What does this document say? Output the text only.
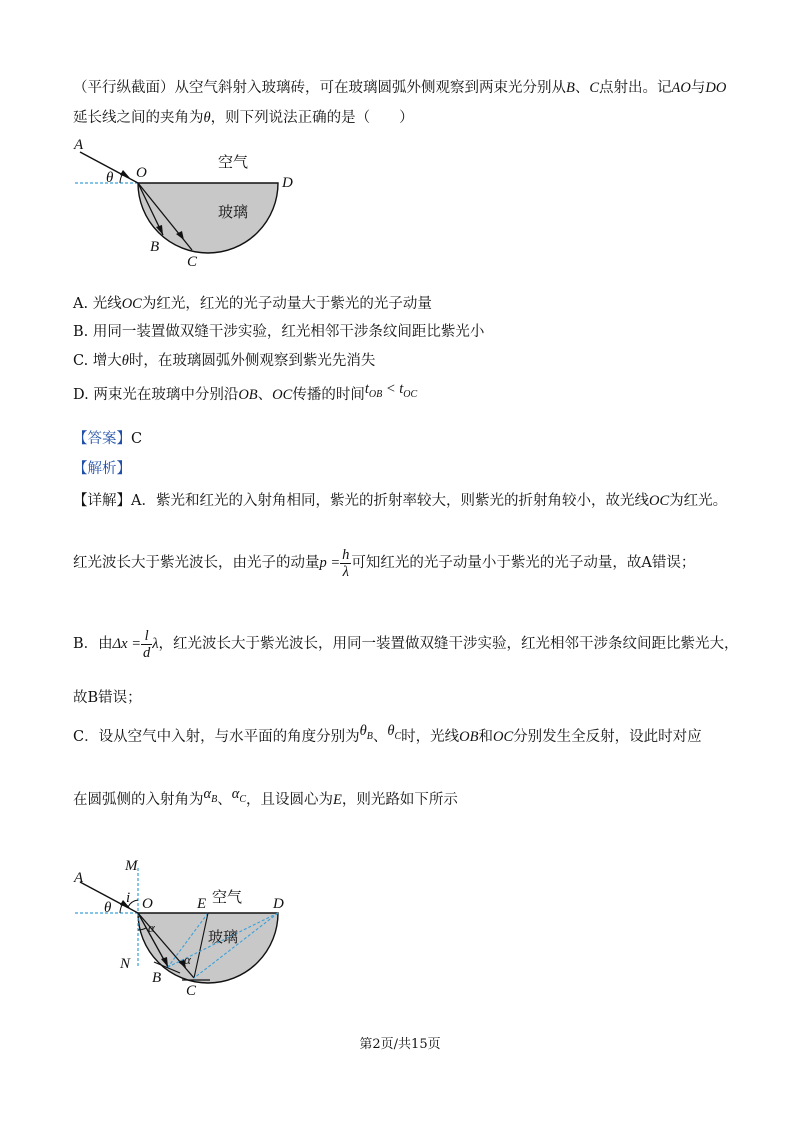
（平行纵截面）从空气斜射入玻璃砖，可在玻璃圆弧外侧观察到两束光分别从B、C点射出。记AO与DO
延长线之间的夹角为θ，则下列说法正确的是（　　）
A
θ O
D
B
C
空气
玻璃
A. 光线OC为红光，红光的光子动量大于紫光的光子动量
B. 用同一装置做双缝干涉实验，红光相邻干涉条纹间距比紫光小
C. 增大θ时，在玻璃圆弧外侧观察到紫光先消失
D. 两束光在玻璃中分别沿OB、OC传播的时间$t_{OB} < t_{OC}$
【答案】C
【解析】
【详解】A．紫光和红光的入射角相同，紫光的折射率较大，则紫光的折射角较小，故光线OC为红光。
红光波长大于紫光波长，由光子的动量$p = \frac{h}{\lambda}$ 可知红光的光子动量小于紫光的光子动量，故A错误；
B．由$\Delta x = \frac{l}{d}$ λ，红光波长大于紫光波长，用同一装置做双缝干涉实验，红光相邻干涉条纹间距比紫光大，
故B错误；
C．设从空气中入射，与水平面的角度分别为$\theta_B$、$\theta_C$时，光线OB和OC分别发生全反射，设此时对应
在圆弧侧的入射角为$\alpha_B$、$\alpha_C$，且设圆心为E，则光路如下所示
M
A
i
θ O	E	D
N
B
C
α
α
空气
玻璃
第2页/共15页
